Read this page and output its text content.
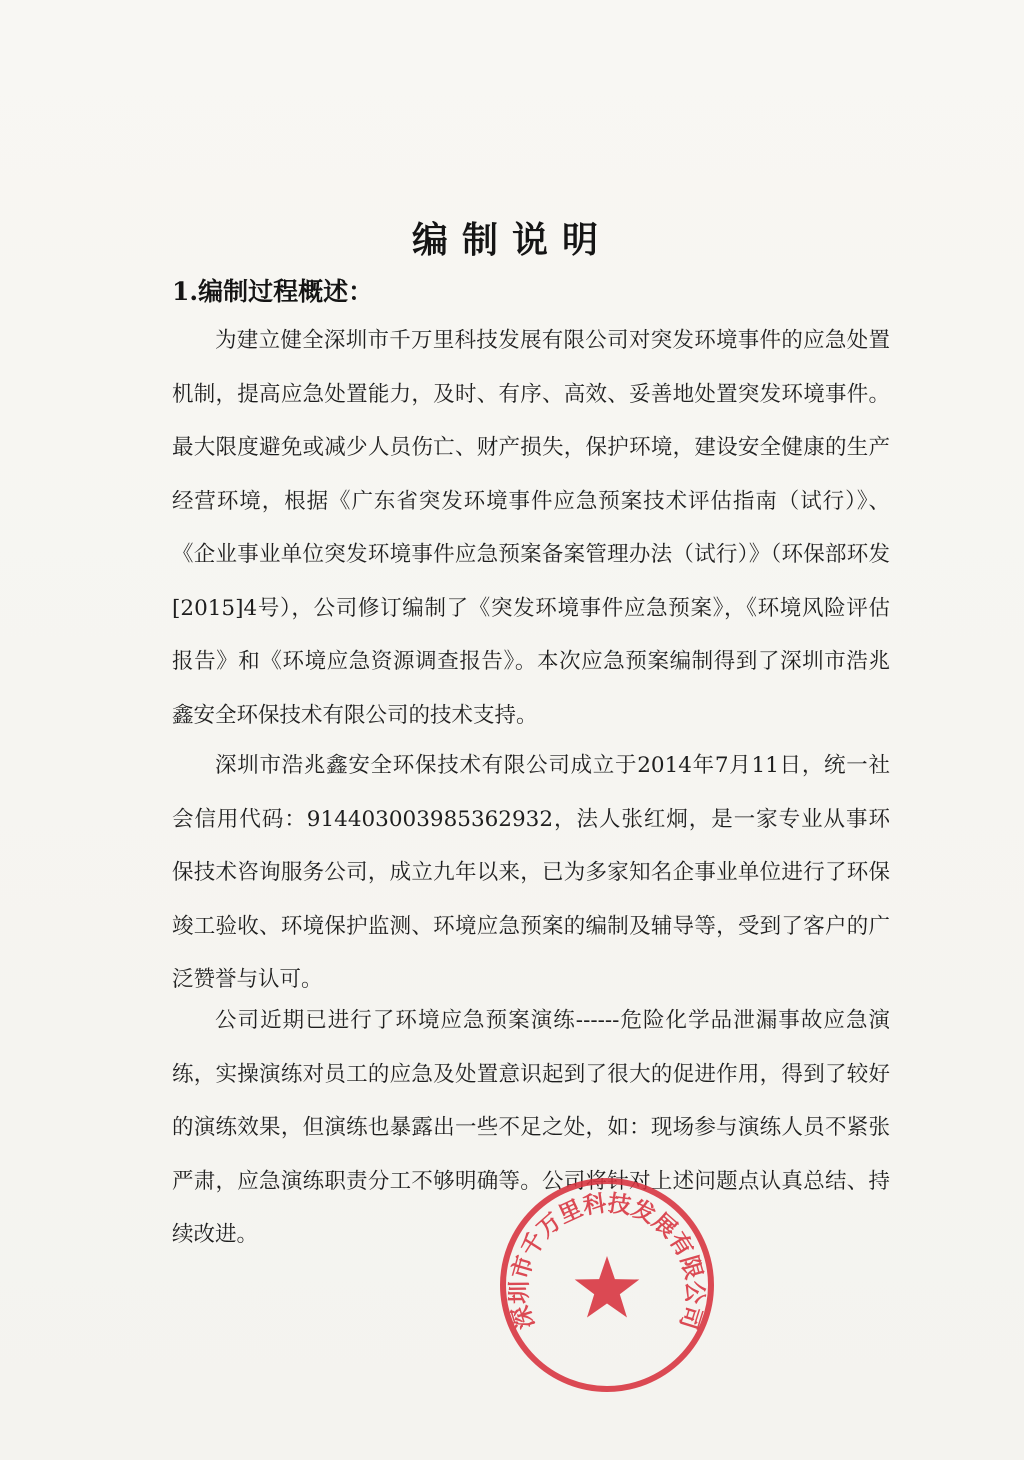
编制说明
1.编制过程概述：

为建立健全深圳市千万里科技发展有限公司对突发环境事件的应急处置机制，提高应急处置能力，及时、有序、高效、妥善地处置突发环境事件。最大限度避免或减少人员伤亡、财产损失，保护环境，建设安全健康的生产经营环境，根据《广东省突发环境事件应急预案技术评估指南（试行）》、《企业事业单位突发环境事件应急预案备案管理办法（试行）》（环保部环发[2015]4号），公司修订编制了《突发环境事件应急预案》，《环境风险评估报告》和《环境应急资源调查报告》。本次应急预案编制得到了深圳市浩兆鑫安全环保技术有限公司的技术支持。

深圳市浩兆鑫安全环保技术有限公司成立于2014年7月11日，统一社会信用代码：914403003985362932，法人张红炯，是一家专业从事环保技术咨询服务公司，成立九年以来，已为多家知名企事业单位进行了环保竣工验收、环境保护监测、环境应急预案的编制及辅导等，受到了客户的广泛赞誉与认可。

公司近期已进行了环境应急预案演练------危险化学品泄漏事故应急演练，实操演练对员工的应急及处置意识起到了很大的促进作用，得到了较好的演练效果，但演练也暴露出一些不足之处，如：现场参与演练人员不紧张严肃，应急演练职责分工不够明确等。公司将针对上述问题点认真总结、持续改进。

深圳市千万里科技发展有限公司
